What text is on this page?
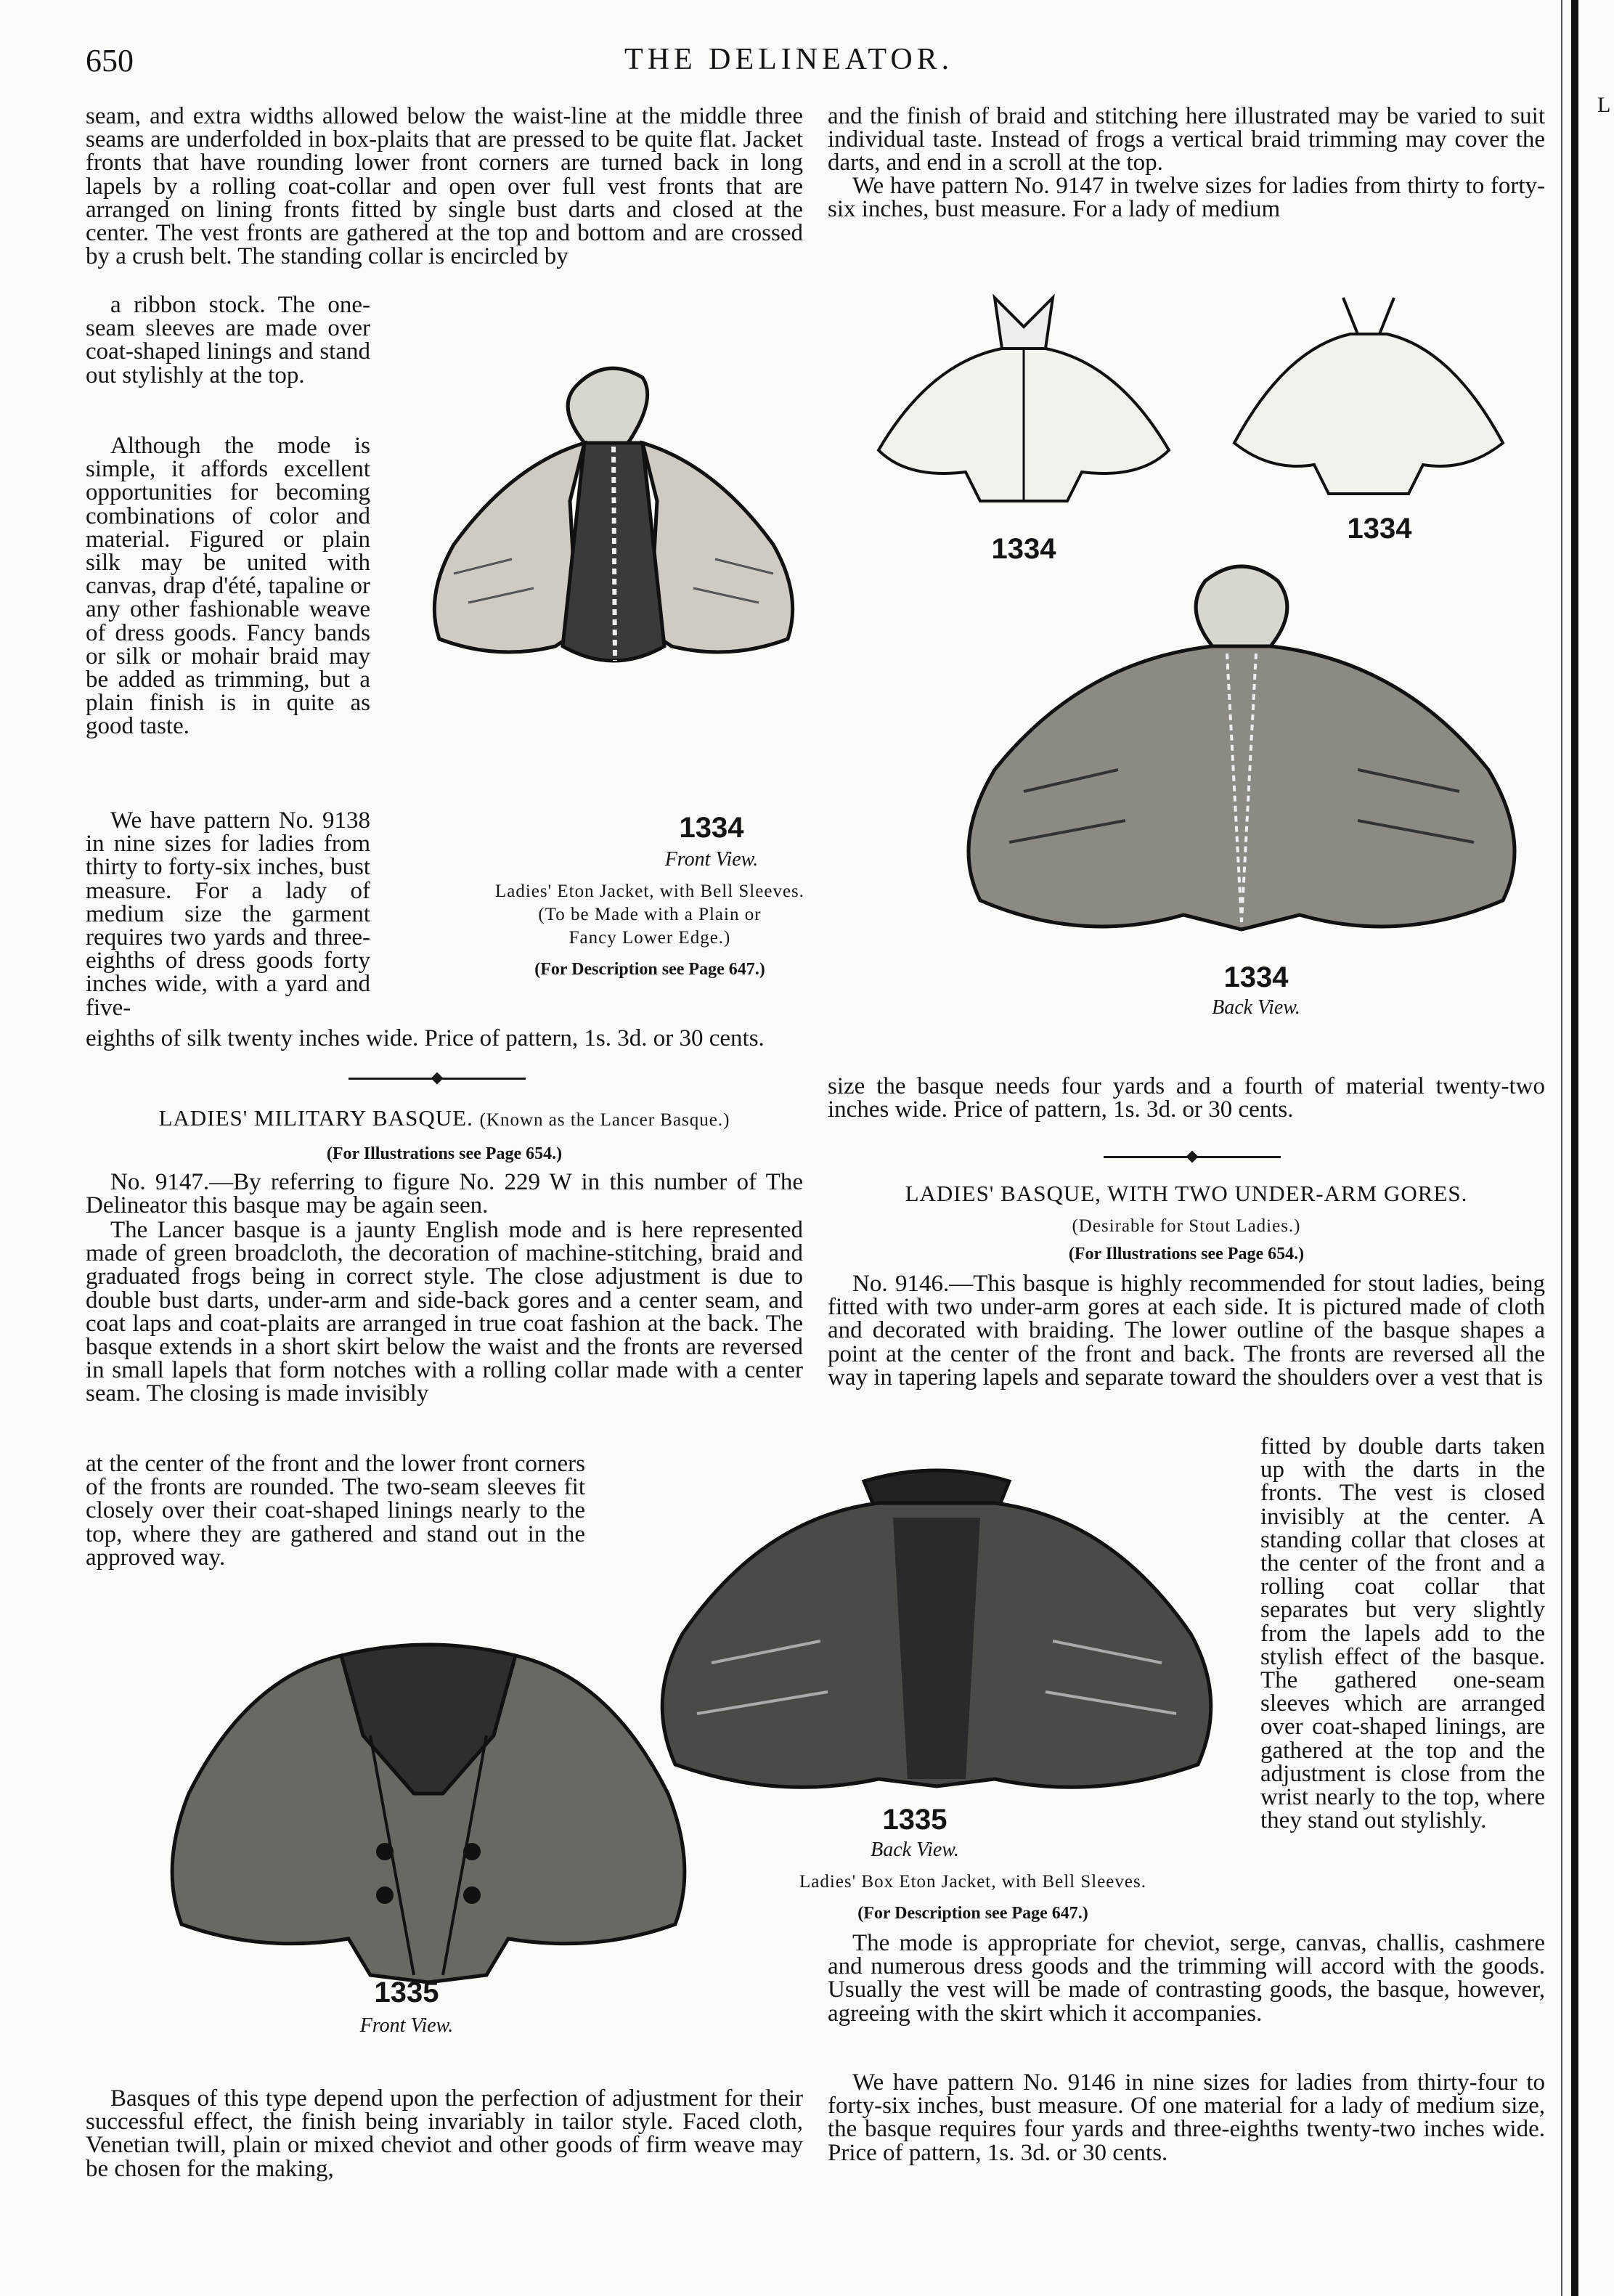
650	THE DELINEATOR.
L

seam, and extra widths allowed below the waist-line at the middle three seams are underfolded in box-plaits that are pressed to be quite flat. Jacket fronts that have rounding lower front corners are turned back in long lapels by a rolling coat-collar and open over full vest fronts that are arranged on lining fronts fitted by single bust darts and closed at the center. The vest fronts are gathered at the top and bottom and are crossed by a crush belt. The standing collar is encircled by

a ribbon stock. The one-seam sleeves are made over coat-shaped linings and stand out stylishly at the top.

Although the mode is simple, it affords excellent opportunities for becoming combinations of color and material. Figured or plain silk may be united with canvas, drap d'été, tapaline or any other fashionable weave of dress goods. Fancy bands or silk or mohair braid may be added as trimming, but a plain finish is in quite as good taste.

We have pattern No. 9138 in nine sizes for ladies from thirty to forty-six inches, bust measure. For a lady of medium size the garment requires two yards and three-eighths of dress goods forty inches wide, with a yard and five-

eighths of silk twenty inches wide. Price of pattern, 1s. 3d. or 30 cents.

1334
Front View.
Ladies' Eton Jacket, with Bell Sleeves.
(To be Made with a Plain or
Fancy Lower Edge.)
(For Description see Page 647.)

and the finish of braid and stitching here illustrated may be varied to suit individual taste. Instead of frogs a vertical braid trimming may cover the darts, and end in a scroll at the top.

We have pattern No. 9147 in twelve sizes for ladies from thirty to forty-six inches, bust measure. For a lady of medium

1334
1334
1334
Back View.
LADIES' MILITARY BASQUE. (Known as the Lancer Basque.)
(For Illustrations see Page 654.)

No. 9147.—By referring to figure No. 229 W in this number of The Delineator this basque may be again seen.

The Lancer basque is a jaunty English mode and is here represented made of green broadcloth, the decoration of machine-stitching, braid and graduated frogs being in correct style. The close adjustment is due to double bust darts, under-arm and side-back gores and a center seam, and coat laps and coat-plaits are arranged in true coat fashion at the back. The basque extends in a short skirt below the waist and the fronts are reversed in small lapels that form notches with a rolling collar made with a center seam. The closing is made invisibly

at the center of the front and the lower front corners of the fronts are rounded. The two-seam sleeves fit closely over their coat-shaped linings nearly to the top, where they are gathered and stand out in the approved way.

size the basque needs four yards and a fourth of material twenty-two inches wide. Price of pattern, 1s. 3d. or 30 cents.

LADIES' BASQUE, WITH TWO UNDER-ARM GORES.
(Desirable for Stout Ladies.)
(For Illustrations see Page 654.)

No. 9146.—This basque is highly recommended for stout ladies, being fitted with two under-arm gores at each side. It is pictured made of cloth and decorated with braiding. The lower outline of the basque shapes a point at the center of the front and back. The fronts are reversed all the way in tapering lapels and separate toward the shoulders over a vest that is

fitted by double darts taken up with the darts in the fronts. The vest is closed invisibly at the center. A standing collar that closes at the center of the front and a rolling coat collar that separates but very slightly from the lapels add to the stylish effect of the basque. The gathered one-seam sleeves which are arranged over coat-shaped linings, are gathered at the top and the adjustment is close from the wrist nearly to the top, where they stand out stylishly.

1335
Back View.
Ladies' Box Eton Jacket, with Bell Sleeves.
(For Description see Page 647.)
1335
Front View.

The mode is appropriate for cheviot, serge, canvas, challis, cashmere and numerous dress goods and the trimming will accord with the goods. Usually the vest will be made of contrasting goods, the basque, however, agreeing with the skirt which it accompanies.

We have pattern No. 9146 in nine sizes for ladies from thirty-four to forty-six inches, bust measure. Of one material for a lady of medium size, the basque requires four yards and three-eighths twenty-two inches wide. Price of pattern, 1s. 3d. or 30 cents.

Basques of this type depend upon the perfection of adjustment for their successful effect, the finish being invariably in tailor style. Faced cloth, Venetian twill, plain or mixed cheviot and other goods of firm weave may be chosen for the making,
